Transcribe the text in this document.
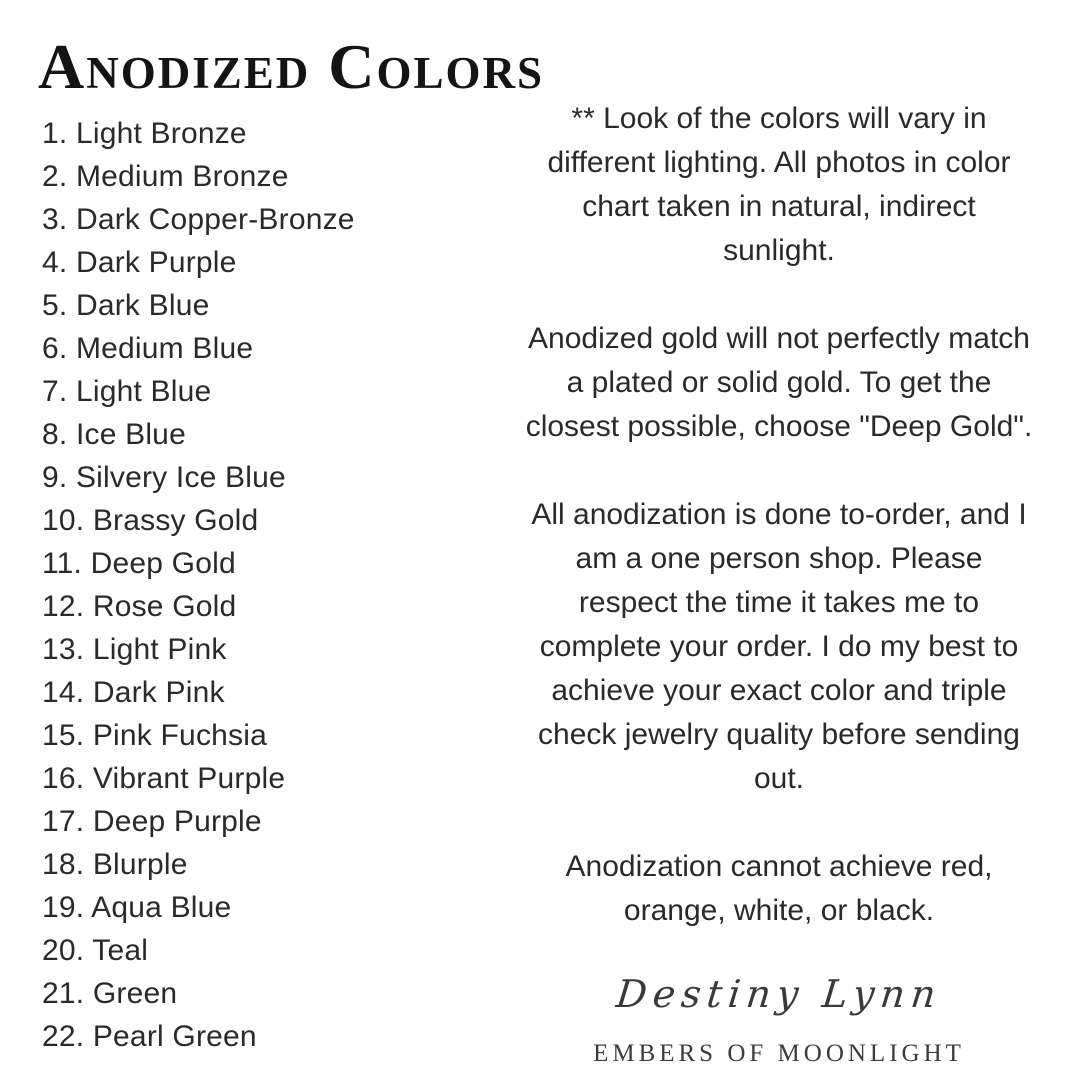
Anodized Colors
1. Light Bronze
2. Medium Bronze
3. Dark Copper-Bronze
4. Dark Purple
5. Dark Blue
6. Medium Blue
7. Light Blue
8. Ice Blue
9. Silvery Ice Blue
10. Brassy Gold
11. Deep Gold
12. Rose Gold
13. Light Pink
14. Dark Pink
15. Pink Fuchsia
16. Vibrant Purple
17. Deep Purple
18. Blurple
19. Aqua Blue
20. Teal
21. Green
22. Pearl Green

** Look of the colors will vary in different lighting. All photos in color chart taken in natural, indirect sunlight.

Anodized gold will not perfectly match a plated or solid gold. To get the closest possible, choose "Deep Gold".

All anodization is done to-order, and I am a one person shop. Please respect the time it takes me to complete your order. I do my best to achieve your exact color and triple check jewelry quality before sending out.

Anodization cannot achieve red, orange, white, or black.

Destiny Lynn
EMBERS OF MOONLIGHT
